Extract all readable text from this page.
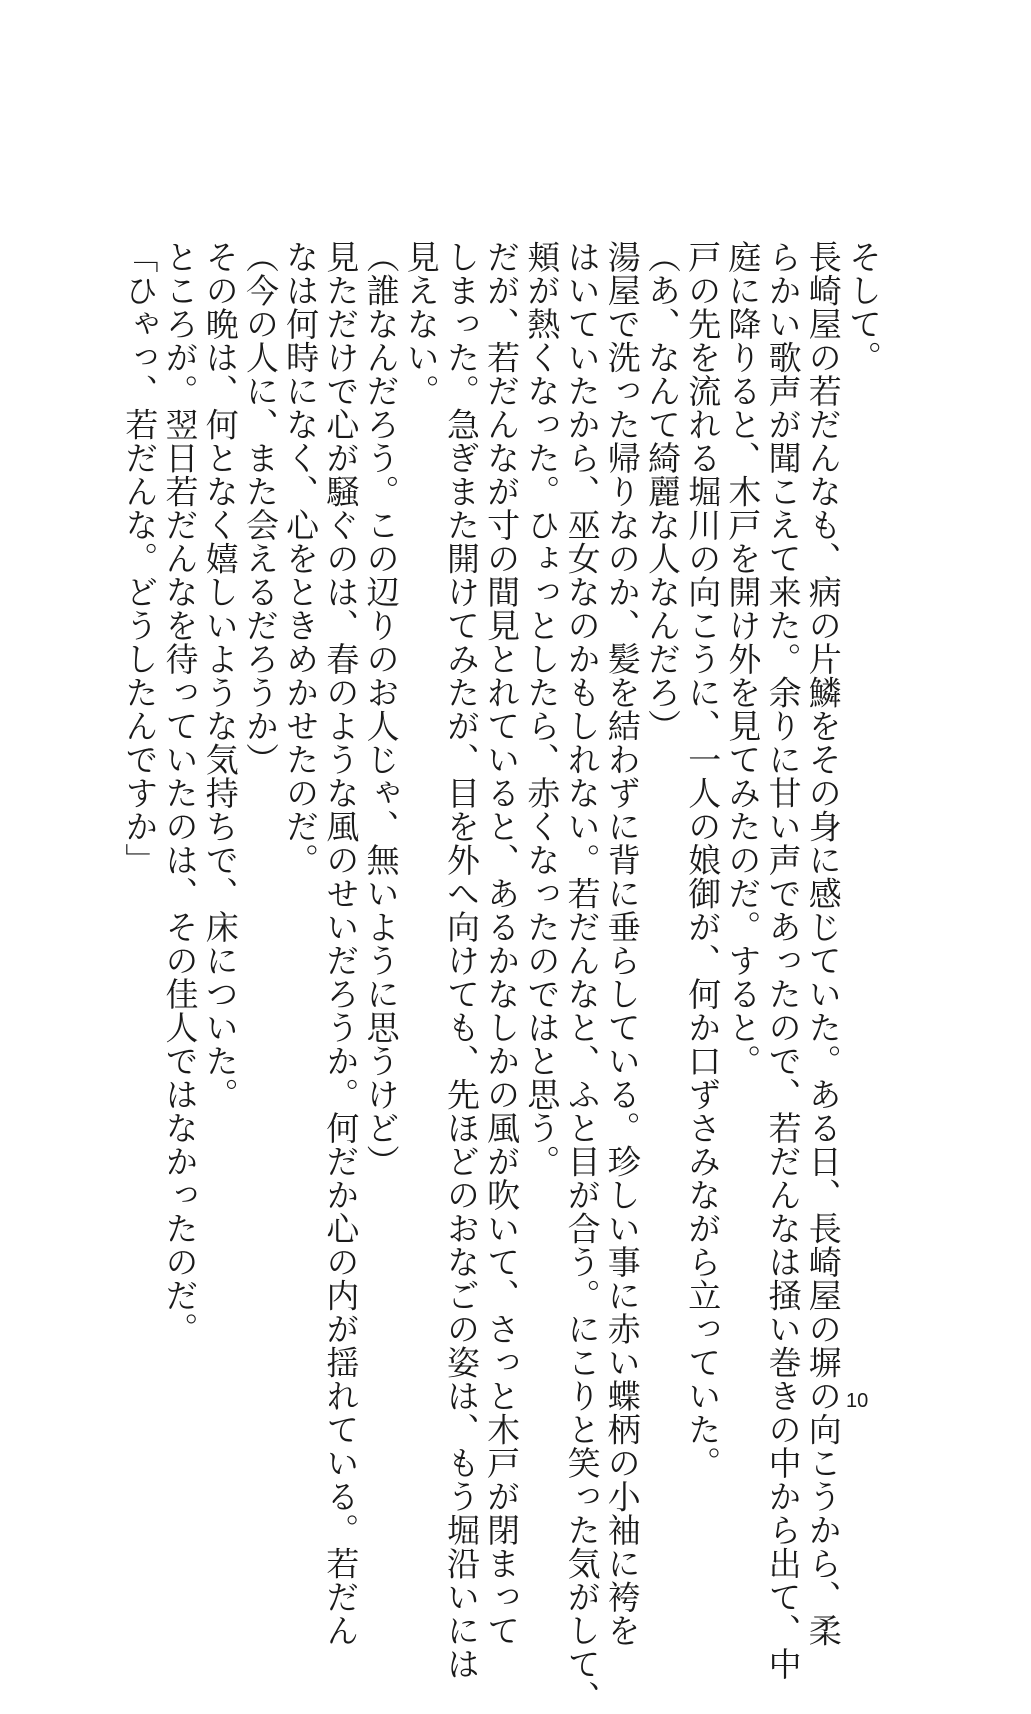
そして。

長崎屋の若だんなも、病の片鱗をその身に感じていた。ある日、長崎屋の塀の向こうから、柔

らかい歌声が聞こえて来た。余りに甘い声であったので、若だんなは掻い巻きの中から出て、中

庭に降りると、木戸を開け外を見てみたのだ。すると。

戸の先を流れる堀川の向こうに、一人の娘御が、何か口ずさみながら立っていた。

（あ、なんて綺麗な人なんだろ）

湯屋で洗った帰りなのか、髪を結わずに背に垂らしている。珍しい事に赤い蝶柄の小袖に袴を

はいていたから、巫女なのかもしれない。若だんなと、ふと目が合う。にこりと笑った気がして、

頬が熱くなった。ひょっとしたら、赤くなったのではと思う。

だが、若だんなが寸の間見とれていると、あるかなしかの風が吹いて、さっと木戸が閉まって

しまった。急ぎまた開けてみたが、目を外へ向けても、先ほどのおなごの姿は、もう堀沿いには

見えない。

（誰なんだろう。この辺りのお人じゃ、無いように思うけど）

見ただけで心が騒ぐのは、春のような風のせいだろうか。何だか心の内が揺れている。若だん

なは何時になく、心をときめかせたのだ。

（今の人に、また会えるだろうか）

その晩は、何となく嬉しいような気持ちで、床についた。

ところが。翌日若だんなを待っていたのは、その佳人ではなかったのだ。

「ひゃっ、若だんな。どうしたんですか」

10
